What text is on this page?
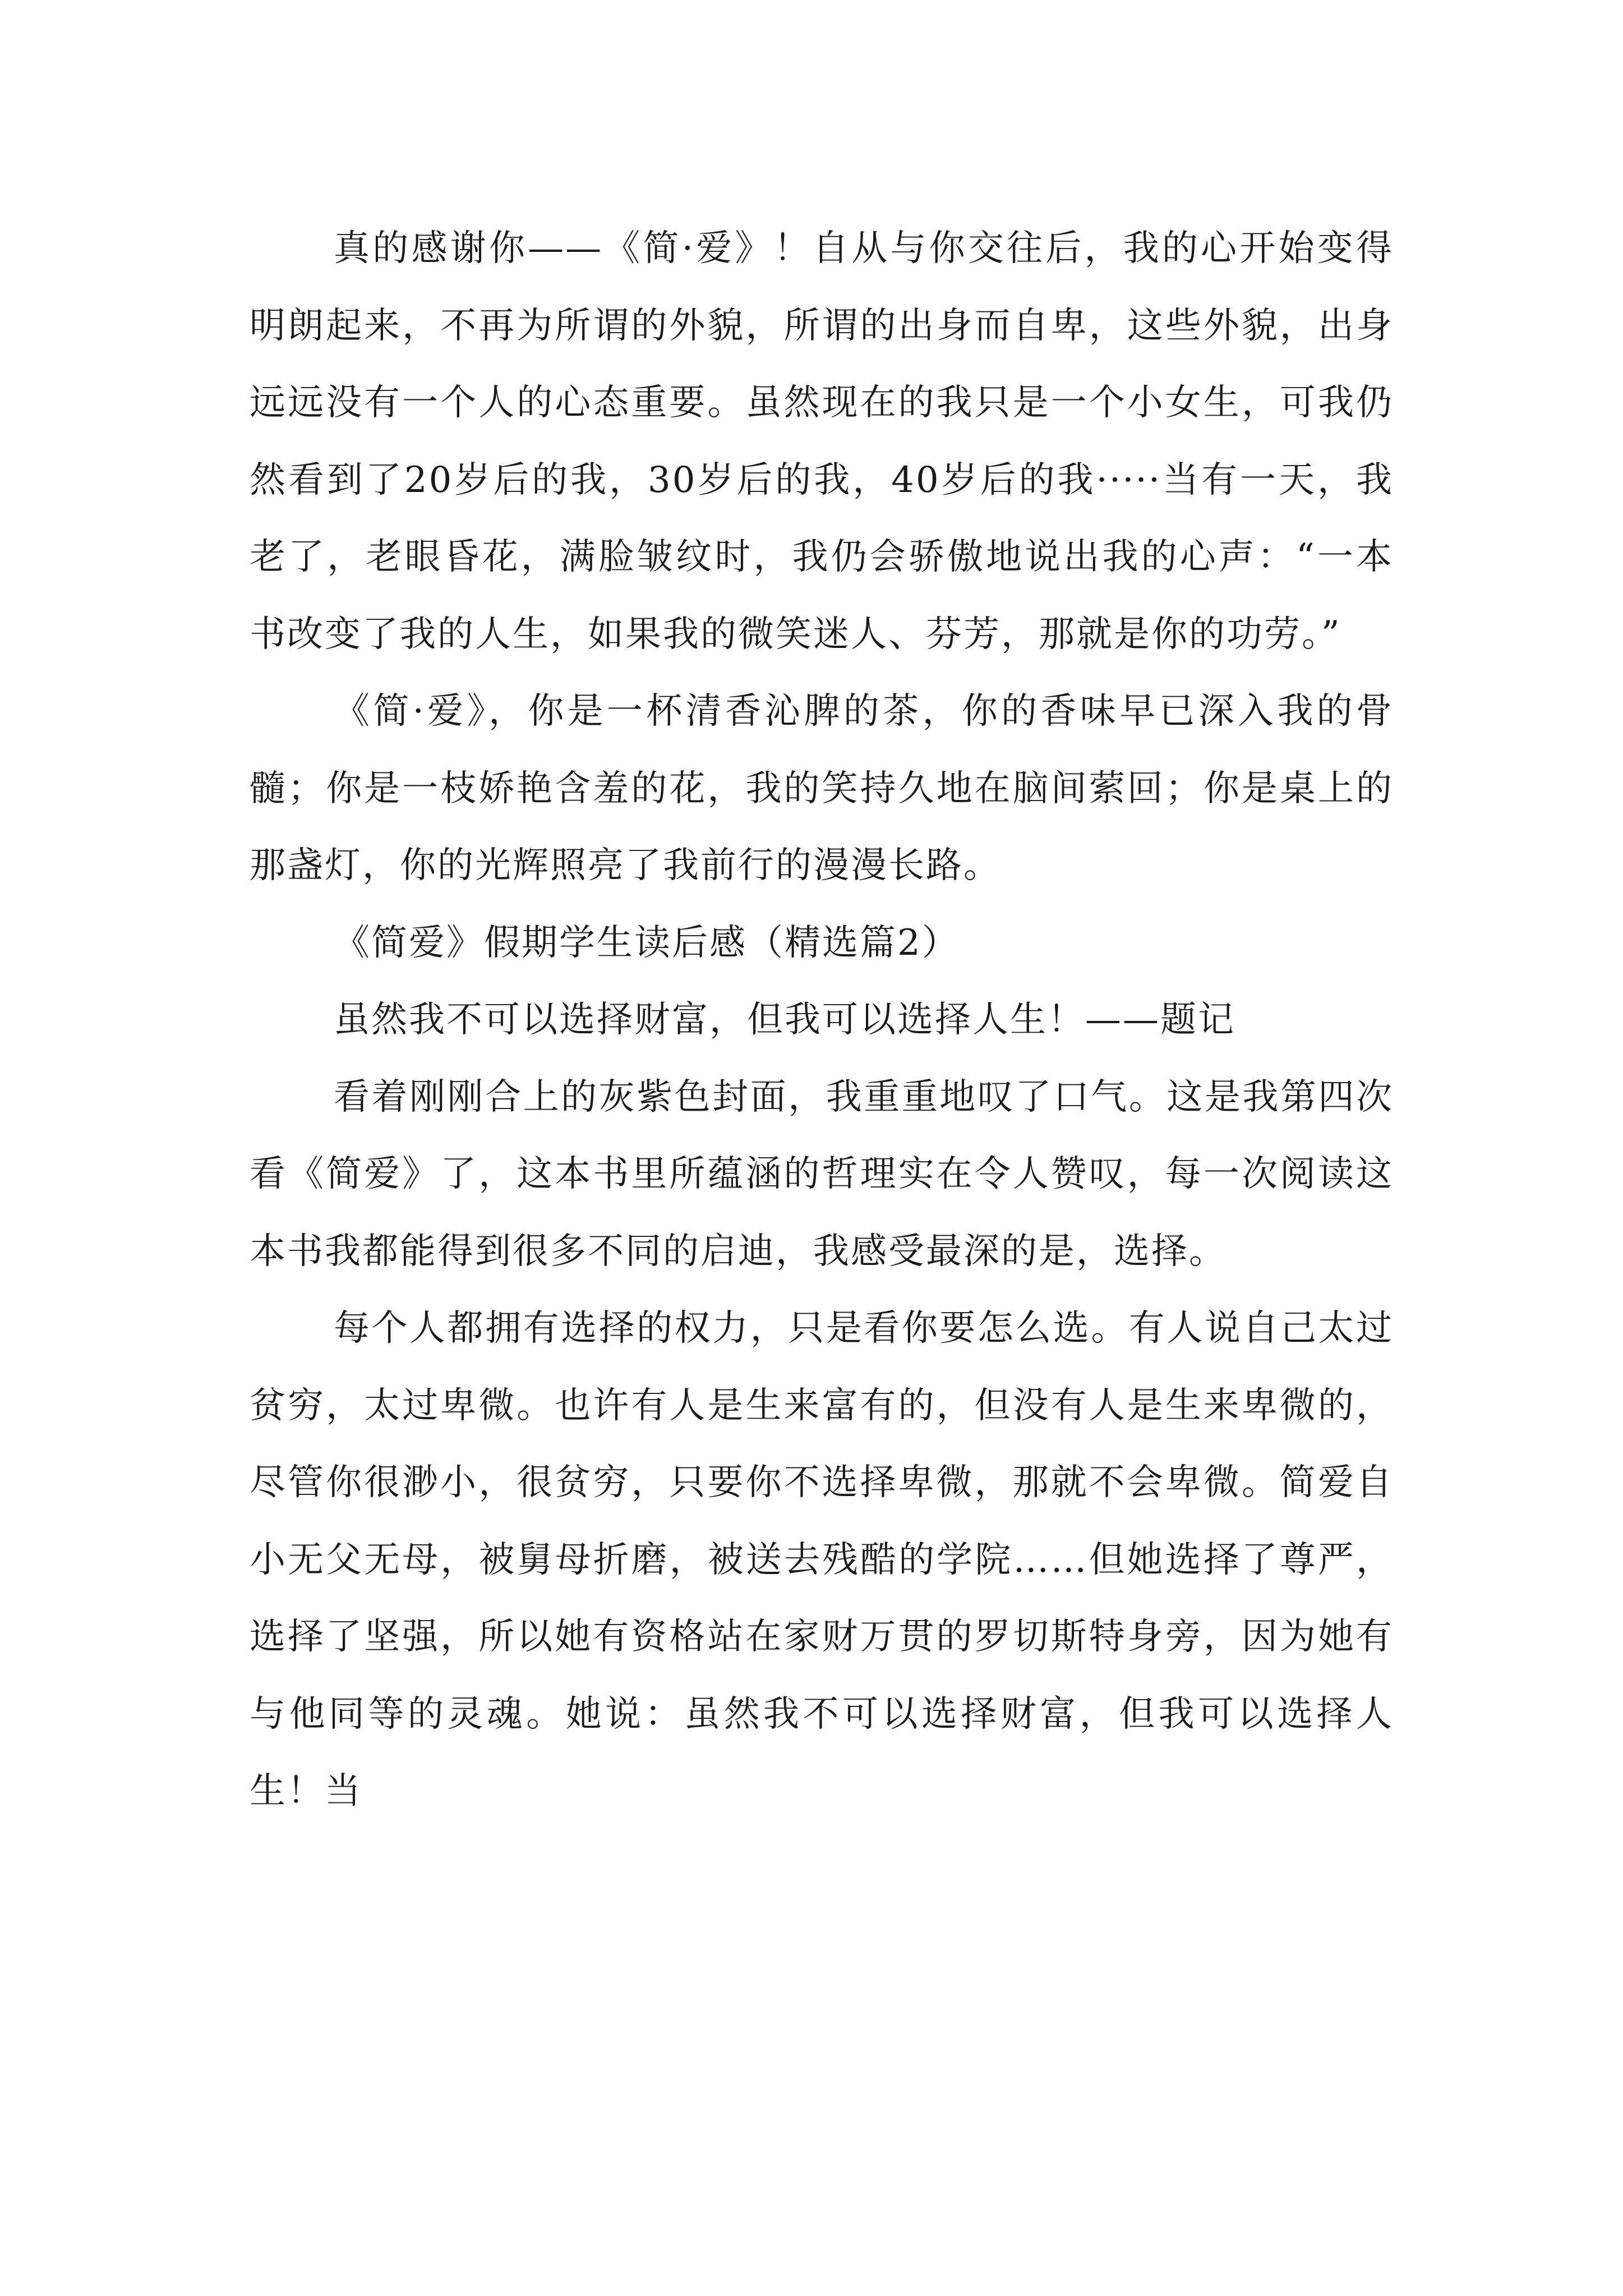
真的感谢你——《简·爱》！自从与你交往后，我的心开始变得明朗起来，不再为所谓的外貌，所谓的出身而自卑，这些外貌，出身远远没有一个人的心态重要。虽然现在的我只是一个小女生，可我仍然看到了20岁后的我，30岁后的我，40岁后的我·····当有一天，我老了，老眼昏花，满脸皱纹时，我仍会骄傲地说出我的心声：“一本书改变了我的人生，如果我的微笑迷人、芬芳，那就是你的功劳。”

《简·爱》，你是一杯清香沁脾的茶，你的香味早已深入我的骨髓；你是一枝娇艳含羞的花，我的笑持久地在脑间萦回；你是桌上的那盏灯，你的光辉照亮了我前行的漫漫长路。

《简爱》假期学生读后感（精选篇2）

虽然我不可以选择财富，但我可以选择人生！——题记

看着刚刚合上的灰紫色封面，我重重地叹了口气。这是我第四次看《简爱》了，这本书里所蕴涵的哲理实在令人赞叹，每一次阅读这本书我都能得到很多不同的启迪，我感受最深的是，选择。

每个人都拥有选择的权力，只是看你要怎么选。有人说自己太过贫穷，太过卑微。也许有人是生来富有的，但没有人是生来卑微的，尽管你很渺小，很贫穷，只要你不选择卑微，那就不会卑微。简爱自小无父无母，被舅母折磨，被送去残酷的学院……但她选择了尊严，选择了坚强，所以她有资格站在家财万贯的罗切斯特身旁，因为她有与他同等的灵魂。她说：虽然我不可以选择财富，但我可以选择人生！当
